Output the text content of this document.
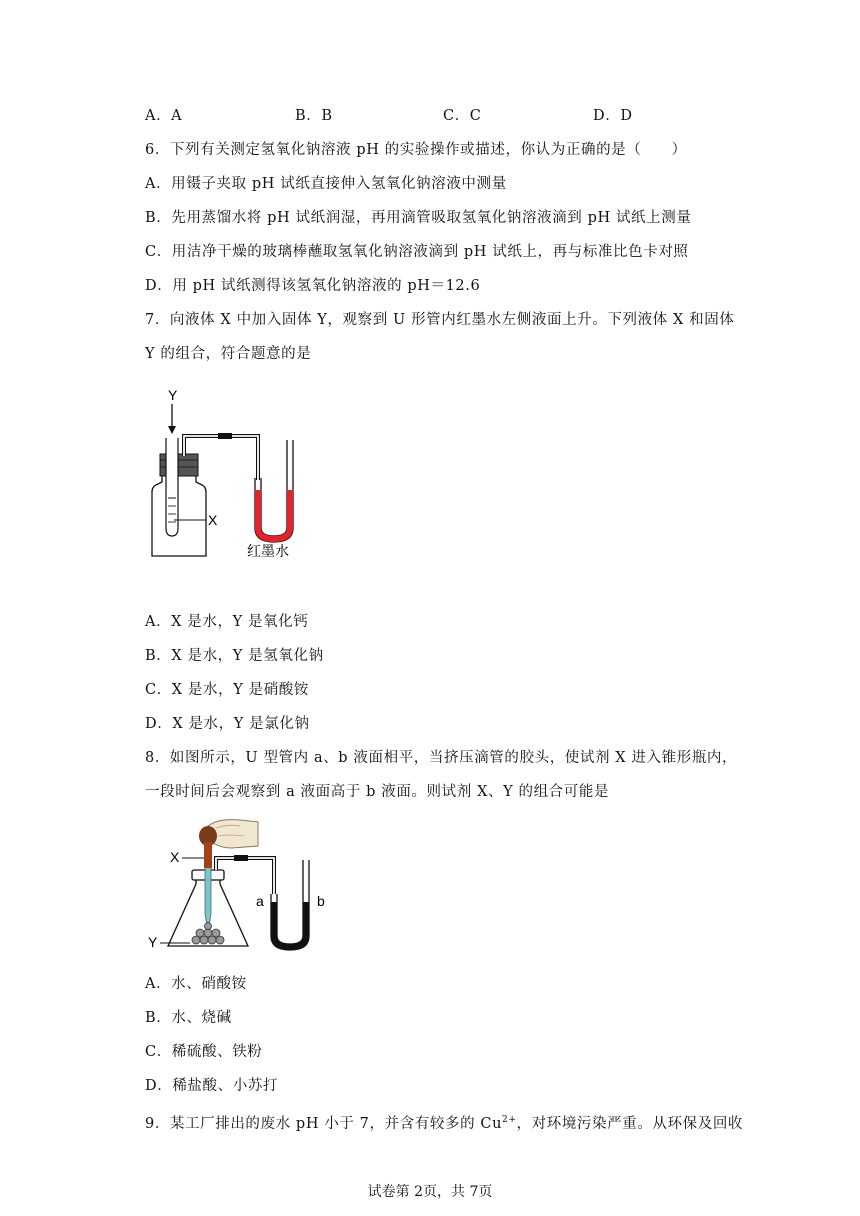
A．A	B．B	C．C	D．D
6．下列有关测定氢氧化钠溶液 pH 的实验操作或描述，你认为正确的是（　　）
A．用镊子夹取 pH 试纸直接伸入氢氧化钠溶液中测量
B．先用蒸馏水将 pH 试纸润湿，再用滴管吸取氢氧化钠溶液滴到 pH 试纸上测量
C．用洁净干燥的玻璃棒蘸取氢氧化钠溶液滴到 pH 试纸上，再与标准比色卡对照
D．用 pH 试纸测得该氢氧化钠溶液的 pH＝12.6
7．向液体 X 中加入固体 Y，观察到 U 形管内红墨水左侧液面上升。下列液体 X 和固体
Y 的组合，符合题意的是
Y
X
红墨水
A．X 是水，Y 是氧化钙
B．X 是水，Y 是氢氧化钠
C．X 是水，Y 是硝酸铵
D．X 是水，Y 是氯化钠
8．如图所示，U 型管内 a、b 液面相平，当挤压滴管的胶头，使试剂 X 进入锥形瓶内，
一段时间后会观察到 a 液面高于 b 液面。则试剂 X、Y 的组合可能是
X
Y
a	b
A．水、硝酸铵
B．水、烧碱
C．稀硫酸、铁粉
D．稀盐酸、小苏打
9．某工厂排出的废水 pH 小于 7，并含有较多的 $Cu^{2+}$，对环境污染严重。从环保及回收
试卷第 2页，共 7页
